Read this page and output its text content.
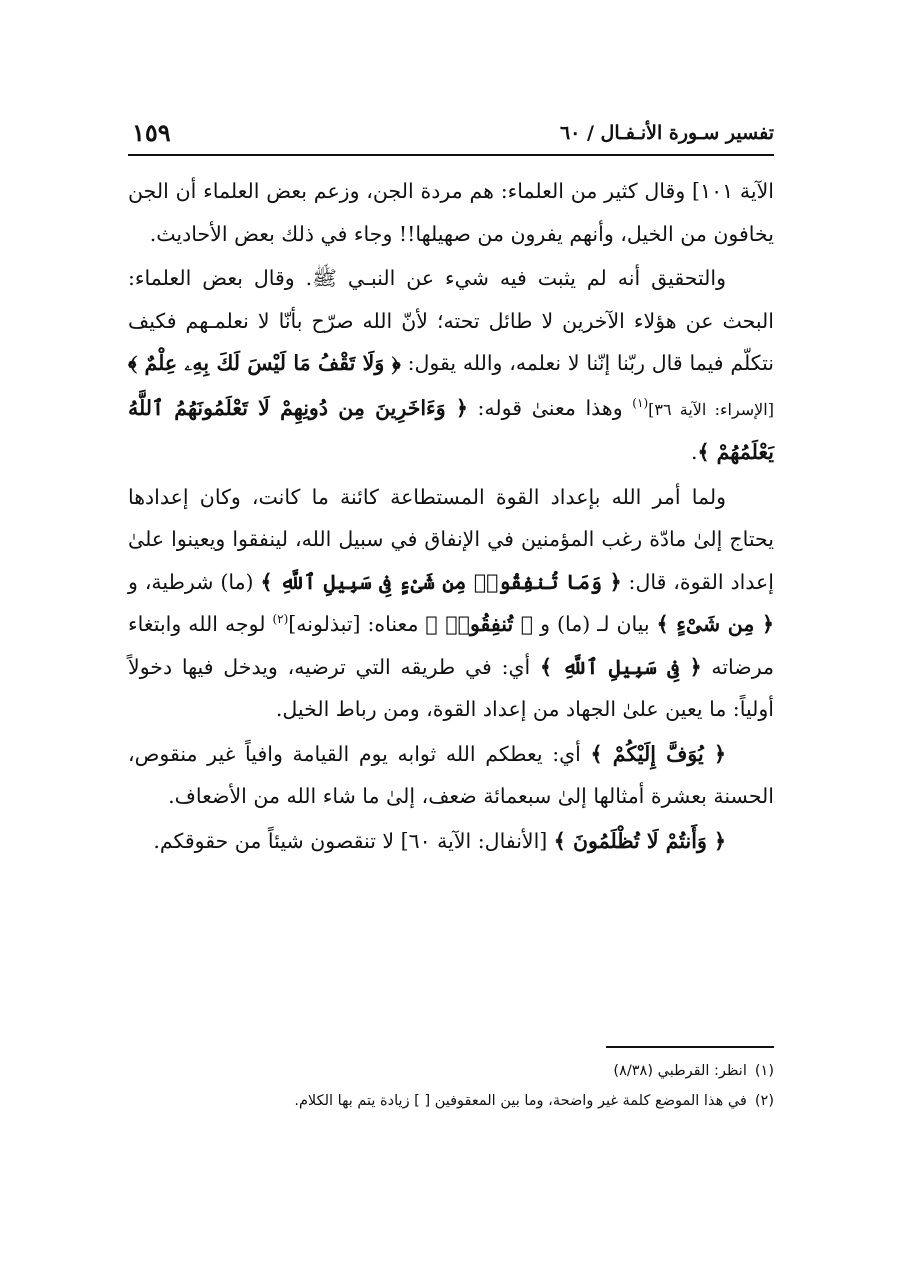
تفسير سـورة الأنـفـال / ٦٠
١٥٩

الآية ١٠١] وقال كثير من العلماء: هم مردة الجن، وزعم بعض العلماء أن الجن يخافون من الخيل، وأنهم يفرون من صهيلها!! وجاء في ذلك بعض الأحاديث.

والتحقيق أنه لم يثبت فيه شيء عن النبـي ﷺ. وقال بعض العلماء: البحث عن هؤلاء الآخرين لا طائل تحته؛ لأنّ الله صرّح بأنّا لا نعلمـهم فكيف نتكلّم فيما قال ربّنا إنّنا لا نعلمه، والله يقول: ﴿ وَلَا تَقْفُ مَا لَيْسَ لَكَ بِهِۦ عِلْمٌ ﴾ [الإسراء: الآية ٣٦]$^{(١)}$ وهذا معنىٰ قوله: ﴿ وَءَاخَرِينَ مِن دُونِهِمْ لَا تَعْلَمُونَهُمُ ٱللَّهُ يَعْلَمُهُمْ ﴾.

ولما أمر الله بإعداد القوة المستطاعة كائنة ما كانت، وكان إعدادها يحتاج إلىٰ مادّة رغب المؤمنين في الإنفاق في سبيل الله، لينفقوا ويعينوا علىٰ إعداد القوة، قال: ﴿ وَمَا تُنفِقُوا۟ مِن شَىْءٍ فِى سَبِيلِ ٱللَّهِ ﴾ (ما) شرطية، و ﴿ مِن شَىْءٍ ﴾ بيان لـ (ما) و ﴿ تُنفِقُوا۟ ﴾ معناه: [تبذلونه]$^{(٢)}$ لوجه الله وابتغاء مرضاته ﴿ فِى سَبِيلِ ٱللَّهِ ﴾ أي: في طريقه التي ترضيه، ويدخل فيها دخولاً أولياً: ما يعين علىٰ الجهاد من إعداد القوة، ومن رباط الخيل.

﴿ يُوَفَّ إِلَيْكُمْ ﴾ أي: يعطكم الله ثوابه يوم القيامة وافياً غير منقوص، الحسنة بعشرة أمثالها إلىٰ سبعمائة ضعف، إلىٰ ما شاء الله من الأضعاف.

﴿ وَأَنتُمْ لَا تُظْلَمُونَ ﴾ [الأنفال: الآية ٦٠] لا تنقصون شيئاً من حقوقكم.

(١)انظر: القرطبي (٨/٣٨)

(٢)في هذا الموضع كلمة غير واضحة، وما بين المعقوفين [ ] زيادة يتم بها الكلام.
